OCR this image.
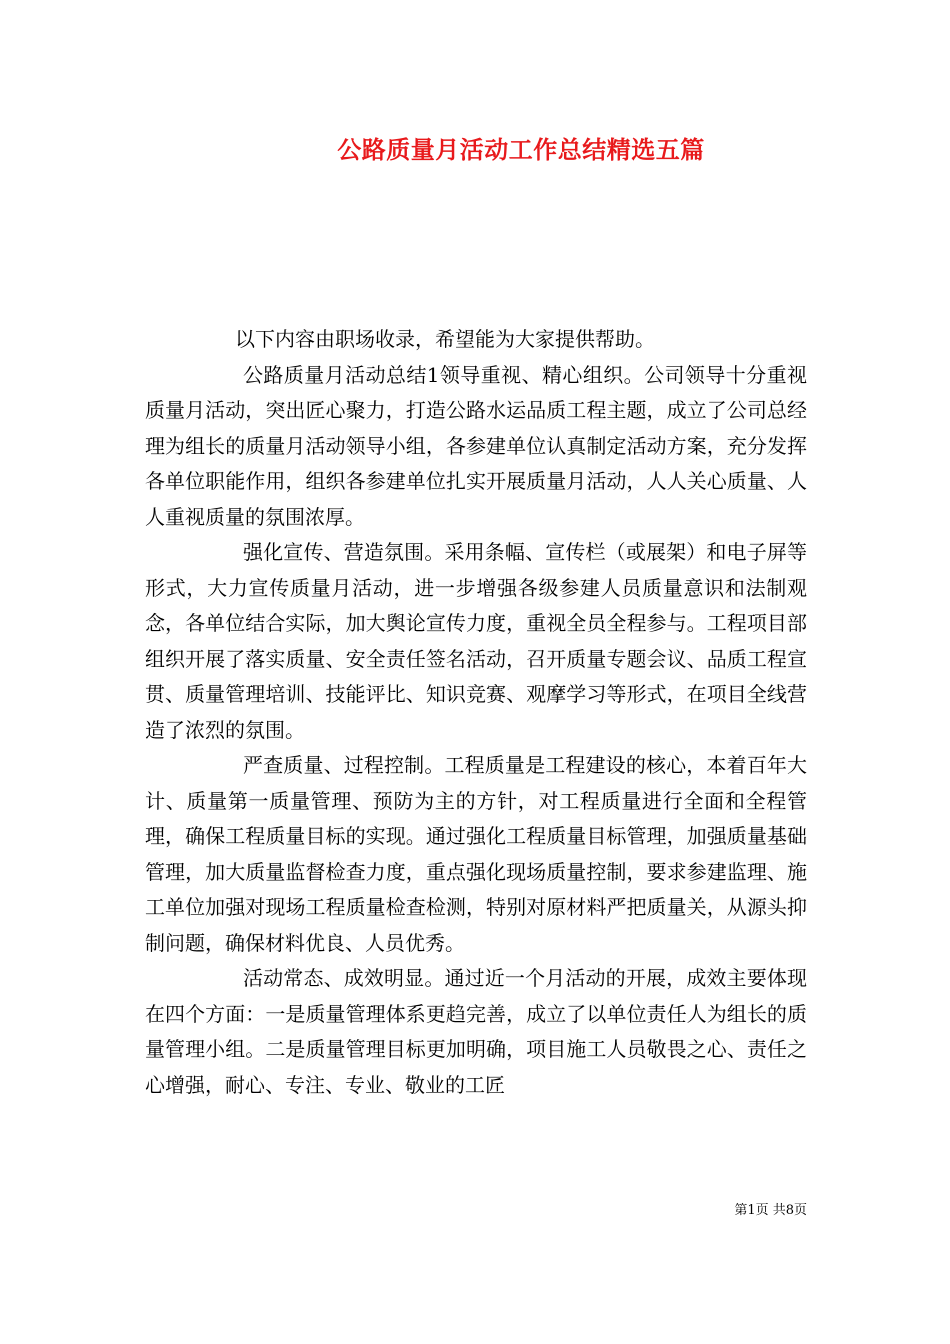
公路质量月活动工作总结精选五篇

以下内容由职场收录，希望能为大家提供帮助。

公路质量月活动总结1领导重视、精心组织。公司领导十分重视质量月活动，突出匠心聚力，打造公路水运品质工程主题，成立了公司总经理为组长的质量月活动领导小组，各参建单位认真制定活动方案，充分发挥各单位职能作用，组织各参建单位扎实开展质量月活动，人人关心质量、人人重视质量的氛围浓厚。

强化宣传、营造氛围。采用条幅、宣传栏（或展架）和电子屏等形式，大力宣传质量月活动，进一步增强各级参建人员质量意识和法制观念，各单位结合实际，加大舆论宣传力度，重视全员全程参与。工程项目部组织开展了落实质量、安全责任签名活动，召开质量专题会议、品质工程宣贯、质量管理培训、技能评比、知识竞赛、观摩学习等形式，在项目全线营造了浓烈的氛围。

严查质量、过程控制。工程质量是工程建设的核心，本着百年大计、质量第一质量管理、预防为主的方针，对工程质量进行全面和全程管理，确保工程质量目标的实现。通过强化工程质量目标管理，加强质量基础管理，加大质量监督检查力度，重点强化现场质量控制，要求参建监理、施工单位加强对现场工程质量检查检测，特别对原材料严把质量关，从源头抑制问题，确保材料优良、人员优秀。

活动常态、成效明显。通过近一个月活动的开展，成效主要体现在四个方面：一是质量管理体系更趋完善，成立了以单位责任人为组长的质量管理小组。二是质量管理目标更加明确，项目施工人员敬畏之心、责任之心增强，耐心、专注、专业、敬业的工匠

第1页 共8页
